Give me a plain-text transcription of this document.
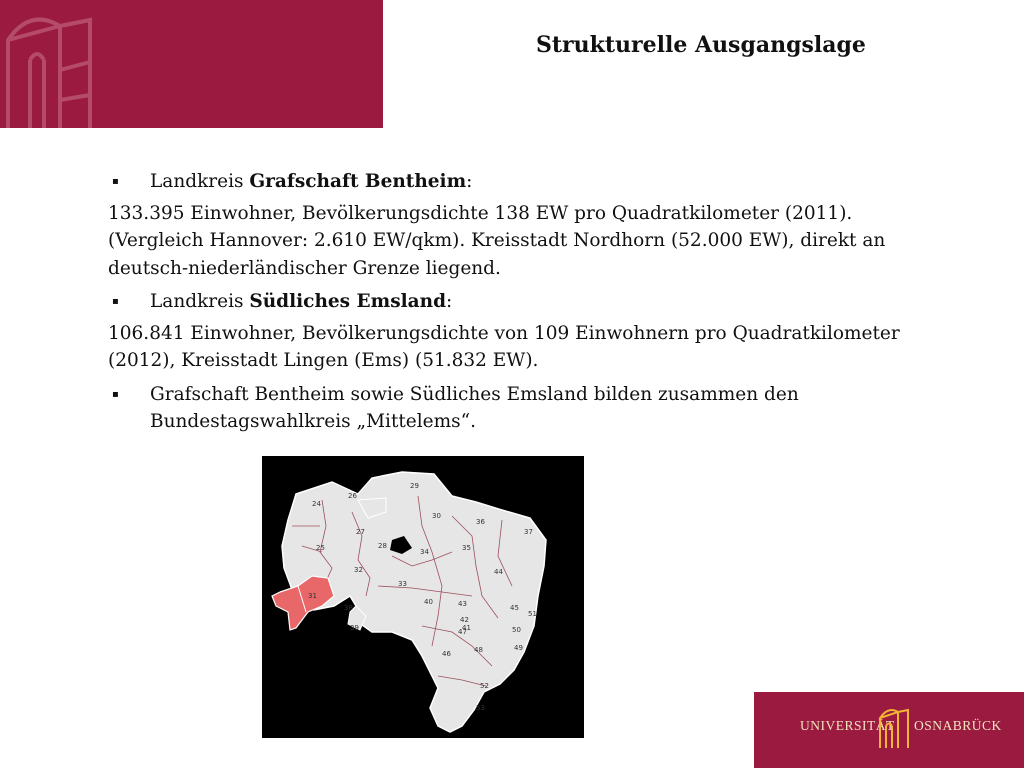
Strukturelle Ausgangslage
▪	Landkreis Grafschaft Bentheim:
133.395 Einwohner, Bevölkerungsdichte 138 EW pro Quadratkilometer (2011). (Vergleich Hannover: 2.610 EW/qkm). Kreisstadt Nordhorn (52.000 EW), direkt an deutsch-niederländischer Grenze liegend.
▪	Landkreis Südliches Emsland:
106.841 Einwohner, Bevölkerungsdichte von 109 Einwohnern pro Quadratkilometer (2012), Kreisstadt Lingen (Ems) (51.832 EW).
▪	Grafschaft Bentheim sowie Südliches Emsland bilden zusammen den Bundestagswahlkreis „Mittelems“.
24
25
26
27
28
29
30
31
32
33
34	35
36
37
38
39
40
41
42
43
44
45
46
47
48	49
50
51
52
53
UNIVERSITÄT OSNABRÜCK
